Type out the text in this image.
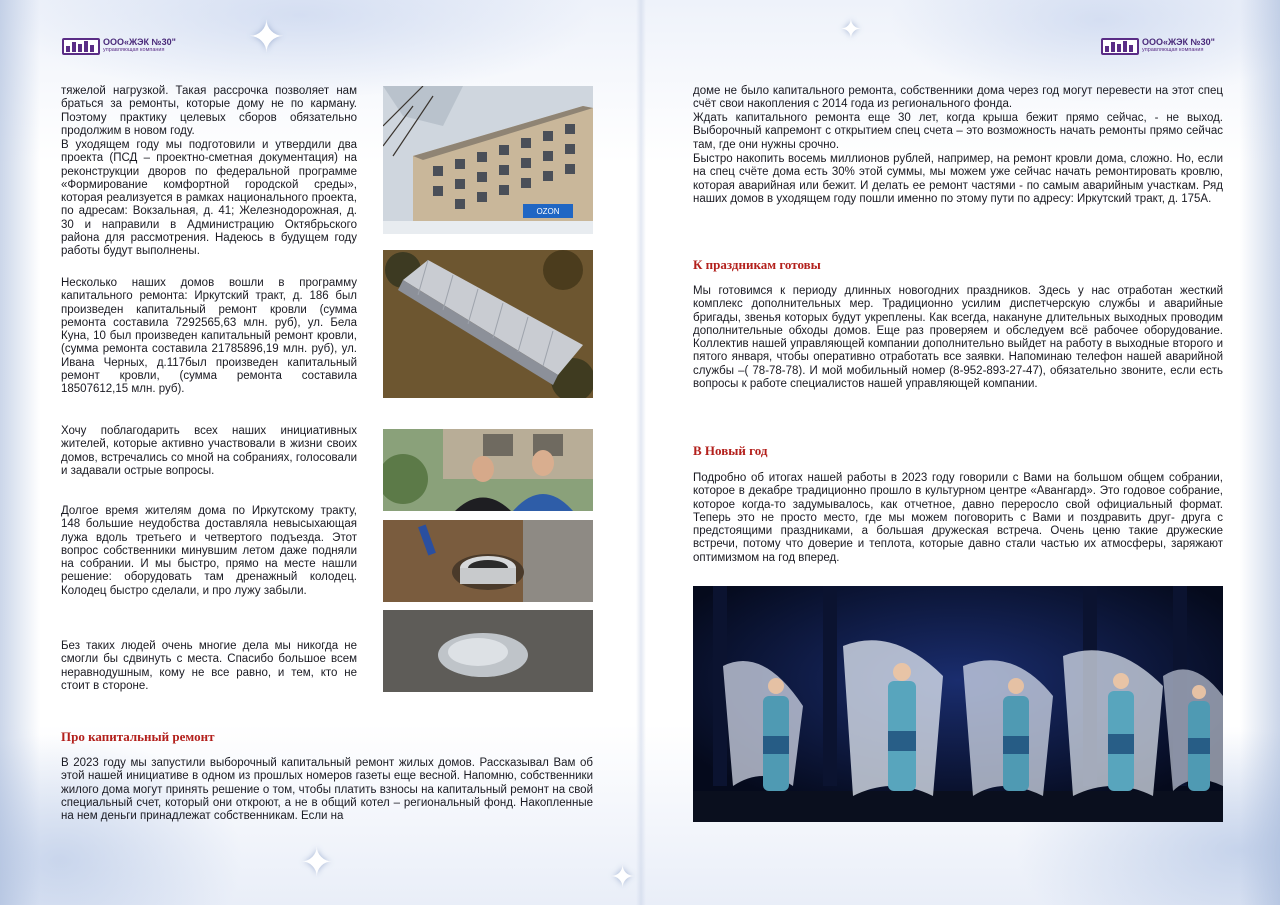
✦	✦
✦	✦
ООО«ЖЭК №30"
управляющая компания
ООО«ЖЭК №30"
управляющая компания

тяжелой нагрузкой. Такая рассрочка позволяет нам браться за ремонты, которые дому не по карману. Поэтому практику целевых сборов обязательно продолжим в новом году.

В уходящем году мы подготовили и утвердили два проекта (ПСД – проектно-сметная документация) на реконструкции дворов по федеральной программе «Формирование комфортной городской среды», которая реализуется в рамках национального проекта, по адресам: Вокзальная, д. 41; Железнодорожная, д. 30 и направили в Администрацию Октябрьского района для рассмотрения. Надеюсь в будущем году работы будут выполнены.

Несколько наших домов вошли в программу капитального ремонта: Иркутский тракт, д. 186 был произведен капитальный ремонт кровли (сумма ремонта составила 7292565,63 млн. руб), ул. Бела Куна, 10 был произведен капитальный ремонт кровли, (сумма ремонта составила 21785896,19 млн. руб), ул. Ивана Черных, д.117был произведен капитальный ремонт кровли, (сумма ремонта составила 18507612,15 млн. руб).

Хочу поблагодарить всех наших инициативных жителей, которые активно участвовали в жизни своих домов, встречались со мной на собраниях, голосовали и задавали острые вопросы.

Долгое время жителям дома по Иркутскому тракту, 148 большие неудобства доставляла невысыхающая лужа вдоль третьего и четвертого подъезда. Этот вопрос собственники минувшим летом даже подняли на собрании. И мы быстро, прямо на месте нашли решение: оборудовать там дренажный колодец. Колодец быстро сделали, и про лужу забыли.

Без таких людей очень многие дела мы никогда не смогли бы сдвинуть с места. Спасибо большое всем неравнодушным, кому не все равно, и тем, кто не стоит в стороне.

Про капитальный ремонт

В 2023 году мы запустили выборочный капитальный ремонт жилых домов. Рассказывал Вам об этой нашей инициативе в одном из прошлых номеров газеты еще весной. Напомню, собственники жилого дома могут принять решение о том, чтобы платить взносы на капитальный ремонт на свой специальный счет, который они откроют, а не в общий котел – региональный фонд. Накопленные на нем деньги принадлежат собственникам. Если на

OZON

доме не было капитального ремонта, собственники дома через год могут перевести на этот спец счёт свои накопления с 2014 года из регионального фонда.

Ждать капитального ремонта еще 30 лет, когда крыша бежит прямо сейчас, - не выход. Выборочный капремонт с открытием спец счета – это возможность начать ремонты прямо сейчас там, где они нужны срочно.

Быстро накопить восемь миллионов рублей, например, на ремонт кровли дома, сложно. Но, если на спец счёте дома есть 30% этой суммы, мы можем уже сейчас начать ремонтировать кровлю, которая аварийная или бежит. И делать ее ремонт частями - по самым аварийным участкам. Ряд наших домов в уходящем году пошли именно по этому пути по адресу: Иркутский тракт, д. 175А.

К праздникам готовы

Мы готовимся к периоду длинных новогодних праздников. Здесь у нас отработан жесткий комплекс дополнительных мер. Традиционно усилим диспетчерскую службы и аварийные бригады, звенья которых будут укреплены. Как всегда, накануне длительных выходных проводим дополнительные обходы домов. Еще раз проверяем и обследуем всё рабочее оборудование. Коллектив нашей управляющей компании дополнительно выйдет на работу в выходные второго и пятого января, чтобы оперативно отработать все заявки. Напоминаю телефон нашей аварийной службы –( 78-78-78). И мой мобильный номер (8-952-893-27-47), обязательно звоните, если есть вопросы к работе специалистов нашей управляющей компании.

В Новый год

Подробно об итогах нашей работы в 2023 году говорили с Вами на большом общем собрании, которое в декабре традиционно прошло в культурном центре «Авангард». Это годовое собрание, которое когда-то задумывалось, как отчетное, давно переросло свой официальный формат. Теперь это не просто место, где мы можем поговорить с Вами и поздравить друг- друга с предстоящими праздниками, а большая дружеская встреча. Очень ценю такие дружеские встречи, потому что доверие и теплота, которые давно стали частью их атмосферы, заряжают оптимизмом на год вперед.
